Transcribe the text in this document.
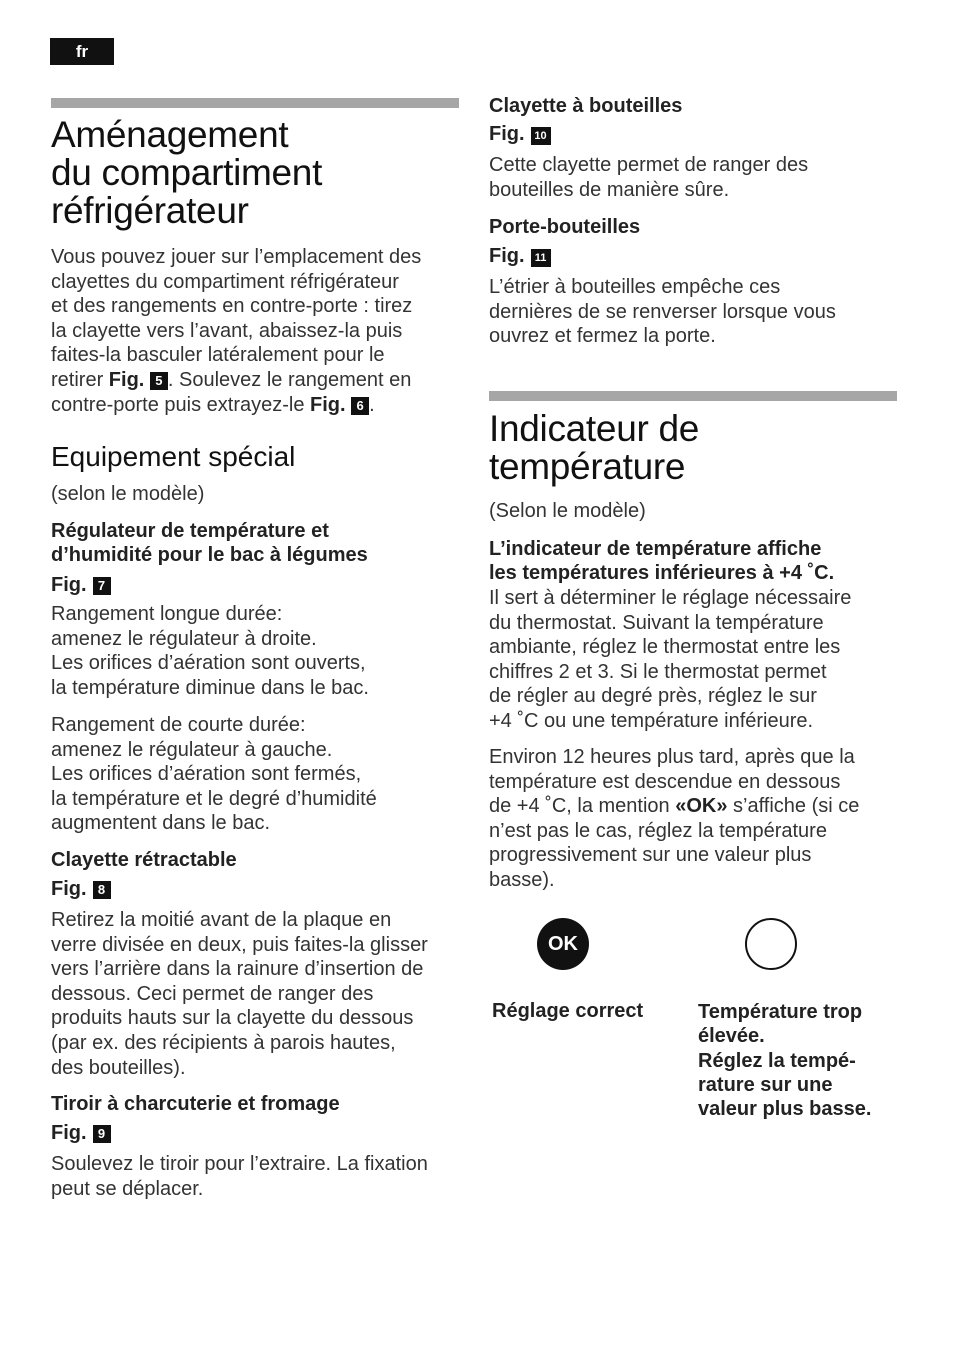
fr
Aménagement
du compartiment
réfrigérateur
Vous pouvez jouer sur l’emplacement des
clayettes du compartiment réfrigérateur
et des rangements en contre-porte : tirez
la clayette vers l’avant, abaissez-la puis
faites-la basculer latéralement pour le
retirer Fig. 5 . Soulevez le rangement en
contre-porte puis extrayez-le Fig. 6 .
Equipement spécial
(selon le modèle)
Régulateur de température et
d’humidité pour le bac à légumes
Fig. 7
Rangement longue durée:
amenez le régulateur à droite.
Les orifices d’aération sont ouverts,
la température diminue dans le bac.
Rangement de courte durée:
amenez le régulateur à gauche.
Les orifices d’aération sont fermés,
la température et le degré d’humidité
augmentent dans le bac.
Clayette rétractable
Fig. 8
Retirez la moitié avant de la plaque en
verre divisée en deux, puis faites-la glisser
vers l’arrière dans la rainure d’insertion de
dessous. Ceci permet de ranger des
produits hauts sur la clayette du dessous
(par ex. des récipients à parois hautes,
des bouteilles).
Tiroir à charcuterie et fromage
Fig. 9
Soulevez le tiroir pour l’extraire. La fixation
peut se déplacer.
Clayette à bouteilles
Fig. 10
Cette clayette permet de ranger des
bouteilles de manière sûre.
Porte-bouteilles
Fig. 11
L’étrier à bouteilles empêche ces
dernières de se renverser lorsque vous
ouvrez et fermez la porte.
Indicateur de
température
(Selon le modèle)
L’indicateur de température affiche
les températures inférieures à +4 ˚C.
Il sert à déterminer le réglage nécessaire
du thermostat. Suivant la température
ambiante, réglez le thermostat entre les
chiffres 2 et 3. Si le thermostat permet
de régler au degré près, réglez le sur
+4 ˚C ou une température inférieure.
Environ 12 heures plus tard, après que la
température est descendue en dessous
de +4 ˚C, la mention «OK» s’affiche (si ce
n’est pas le cas, réglez la température
progressivement sur une valeur plus
basse).
OK
Réglage correct	Température trop
élevée.
Réglez la tempé-
rature sur une
valeur plus basse.
